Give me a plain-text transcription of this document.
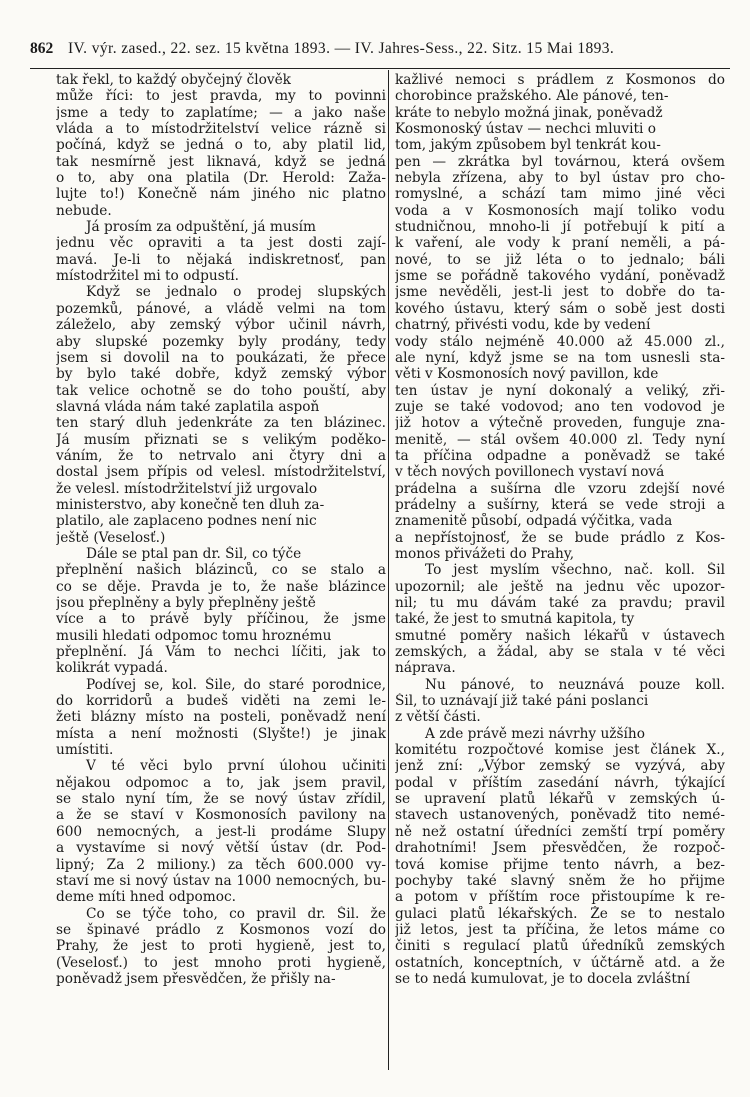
862 IV. výr. zased., 22. sez. 15 května 1893. — IV. Jahres-Sess., 22. Sitz. 15 Mai 1893.
tak řekl, to každý obyčejný člověk
může říci: to jest pravda, my to povinni
jsme a tedy to zaplatíme; — a jako naše
vláda a to místodržitelství velice rázně si
počíná, když se jedná o to, aby platil lid,
tak nesmírně jest liknavá, když se jedná
o to, aby ona platila (Dr. Herold: Zaža-
lujte to!) Konečně nám jiného nic platno
nebude.
Já prosím za odpuštění, já musím
jednu věc opraviti a ta jest dosti zají-
mavá. Je-li to nějaká indiskretnosť, pan
místodržitel mi to odpustí.
Když se jednalo o prodej slupských
pozemků, pánové, a vládě velmi na tom
záleželo, aby zemský výbor učinil návrh,
aby slupské pozemky byly prodány, tedy
jsem si dovolil na to poukázati, že přece
by bylo také dobře, když zemský výbor
tak velice ochotně se do toho pouští, aby
slavná vláda nám také zaplatila aspoň
ten starý dluh jedenkráte za ten blázinec.
Já musím přiznati se s velikým poděko-
váním, že to netrvalo ani čtyry dni a
dostal jsem přípis od velesl. místodržitelství,
že velesl. místodržitelství již urgovalo
ministerstvo, aby konečně ten dluh za-
platilo, ale zaplaceno podnes není nic
ještě (Veselosť.)
Dále se ptal pan dr. Šil, co týče
přeplnění našich blázinců, co se stalo a
co se děje. Pravda je to, že naše blázince
jsou přeplněny a byly přeplněny ještě
více a to právě byly příčinou, že jsme
musili hledati odpomoc tomu hroznému
přeplnění. Já Vám to nechci líčiti, jak to
kolikrát vypadá.
Podívej se, kol. Šile, do staré porodnice,
do korridorů a budeš viděti na zemi le-
žeti blázny místo na posteli, poněvadž není
místa a není možnosti (Slyšte!) je jinak
umístiti.
V té věci bylo první úlohou učiniti
nějakou odpomoc a to, jak jsem pravil,
se stalo nyní tím, že se nový ústav zřídil,
a že se staví v Kosmonosích pavilony na
600 nemocných, a jest-li prodáme Slupy
a vystavíme si nový větší ústav (dr. Pod-
lipný; Za 2 miliony.) za těch 600.000 vy-
staví me si nový ústav na 1000 nemocných, bu-
deme míti hned odpomoc.
Co se týče toho, co pravil dr. Šil. že
se špinavé prádlo z Kosmonos vozí do
Prahy, že jest to proti hygieně, jest to,
(Veselosť.) to jest mnoho proti hygieně,
poněvadž jsem přesvědčen, že přišly na-
kažlivé nemoci s prádlem z Kosmonos do
chorobince pražského. Ale pánové, ten-
kráte to nebylo možná jinak, poněvadž
Kosmonoský ústav — nechci mluviti o
tom, jakým způsobem byl tenkrát kou-
pen — zkrátka byl továrnou, která ovšem
nebyla zřízena, aby to byl ústav pro cho-
romyslné, a schází tam mimo jiné věci
voda a v Kosmonosích mají toliko vodu
studničnou, mnoho-li jí potřebují k pití a
k vaření, ale vody k praní neměli, a pá-
nové, to se již léta o to jednalo; báli
jsme se pořádně takového vydání, poněvadž
jsme nevěděli, jest-li jest to dobře do ta-
kového ústavu, který sám o sobě jest dosti
chatrný, přivésti vodu, kde by vedení
vody stálo nejméně 40.000 až 45.000 zl.,
ale nyní, když jsme se na tom usnesli sta-
věti v Kosmonosích nový pavillon, kde
ten ústav je nyní dokonalý a veliký, zři-
zuje se také vodovod; ano ten vodovod je
již hotov a výtečně proveden, funguje zna-
menitě, — stál ovšem 40.000 zl. Tedy nyní
ta příčina odpadne a poněvadž se také
v těch nových povillonech vystaví nová
prádelna a sušírna dle vzoru zdejší nové
prádelny a sušírny, která se vede stroji a
znamenitě působí, odpadá výčitka, vada
a nepřístojnosť, že se bude prádlo z Kos-
monos přivážeti do Prahy,
To jest myslím všechno, nač. koll. Šil
upozornil; ale ještě na jednu věc upozor-
nil; tu mu dávám také za pravdu; pravil
také, že jest to smutná kapitola, ty
smutné poměry našich lékařů v ústavech
zemských, a žádal, aby se stala v té věci
náprava.
Nu pánové, to neuznává pouze koll.
Šil, to uznávají již také páni poslanci
z větší části.
A zde právě mezi návrhy užšího
komitétu rozpočtové komise jest článek X.,
jenž zní: „Výbor zemský se vyzývá, aby
podal v příštím zasedání návrh, týkající
se upravení platů lékařů v zemských ú-
stavech ustanovených, poněvadž tito nemé-
ně než ostatní úředníci zemští trpí poměry
drahotními! Jsem přesvědčen, že rozpoč-
tová komise přijme tento návrh, a bez-
pochyby také slavný sněm že ho přijme
a potom v příštím roce přistoupíme k re-
gulaci platů lékařských. Že se to nestalo
již letos, jest ta příčina, že letos máme co
činiti s regulací platů úředníků zemských
ostatních, konceptních, v účtárně atd. a že
se to nedá kumulovat, je to docela zvláštní
